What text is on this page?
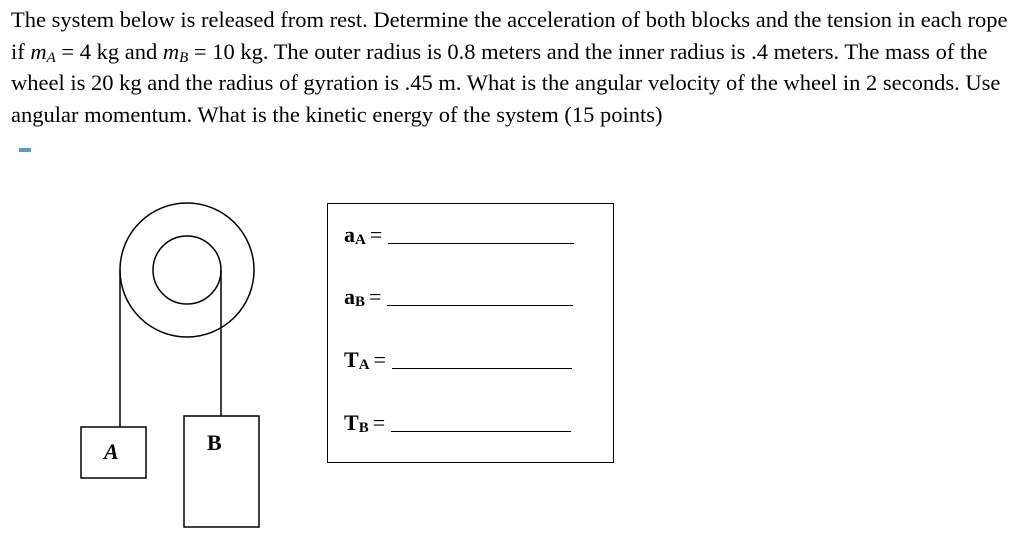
The system below is released from rest. Determine the acceleration of both blocks and the tension in each rope if $m_A = 4$ kg and $m_B = 10$ kg. The outer radius is 0.8 meters and the inner radius is .4 meters. The mass of the wheel is 20 kg and the radius of gyration is .45 m. What is the angular velocity of the wheel in 2 seconds. Use angular momentum. What is the kinetic energy of the system (15 points)
A	B
$a_A$ =
$a_B$ =
$T_A$ =
$T_B$ =
